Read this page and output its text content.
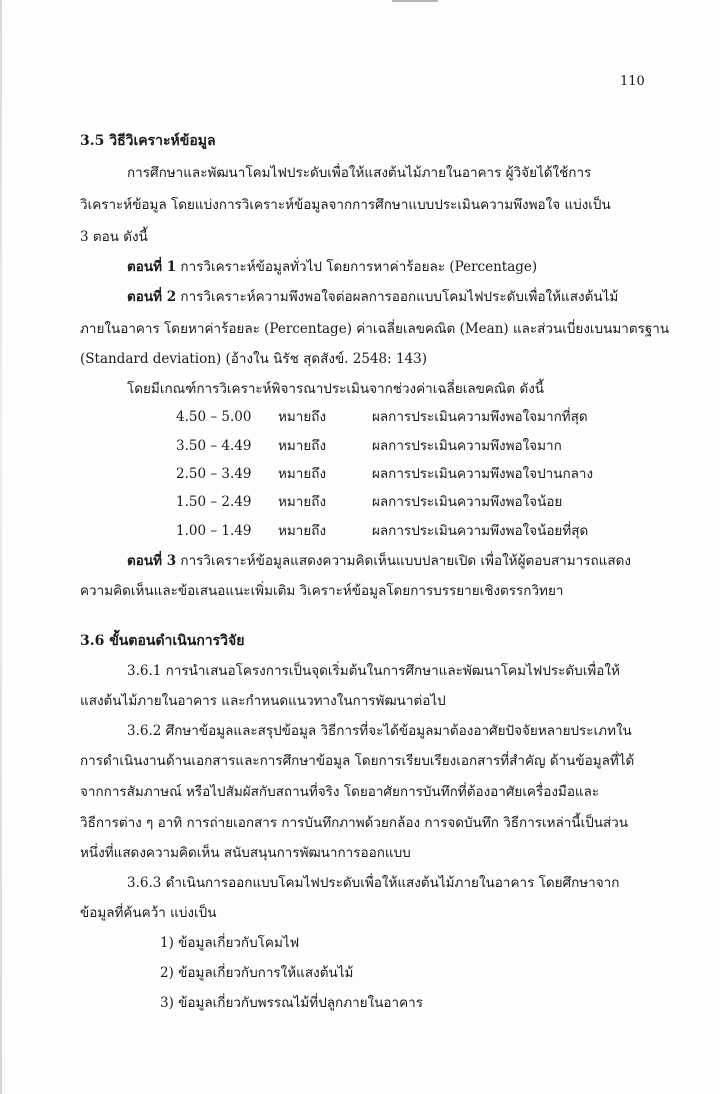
110
3.5 วิธีวิเคราะห์ข้อมูล
การศึกษาและพัฒนาโคมไฟประดับเพื่อให้แสงต้นไม้ภายในอาคาร ผู้วิจัยได้ใช้การ
วิเคราะห์ข้อมูล โดยแบ่งการวิเคราะห์ข้อมูลจากการศึกษาแบบประเมินความพึงพอใจ แบ่งเป็น
3 ตอน ดังนี้
ตอนที่ 1 การวิเคราะห์ข้อมูลทั่วไป โดยการหาค่าร้อยละ (Percentage)
ตอนที่ 2 การวิเคราะห์ความพึงพอใจต่อผลการออกแบบโคมไฟประดับเพื่อให้แสงต้นไม้
ภายในอาคาร โดยหาค่าร้อยละ (Percentage) ค่าเฉลี่ยเลขคณิต (Mean) และส่วนเบี่ยงเบนมาตรฐาน
(Standard deviation) (อ้างใน นิรัช สุดสังข์. 2548: 143)
โดยมีเกณฑ์การวิเคราะห์พิจารณาประเมินจากช่วงค่าเฉลี่ยเลขคณิต ดังนี้
4.50 – 5.00 หมายถึง	ผลการประเมินความพึงพอใจมากที่สุด
3.50 – 4.49 หมายถึง	ผลการประเมินความพึงพอใจมาก
2.50 – 3.49 หมายถึง	ผลการประเมินความพึงพอใจปานกลาง
1.50 – 2.49 หมายถึง	ผลการประเมินความพึงพอใจน้อย
1.00 – 1.49 หมายถึง	ผลการประเมินความพึงพอใจน้อยที่สุด
ตอนที่ 3 การวิเคราะห์ข้อมูลแสดงความคิดเห็นแบบปลายเปิด เพื่อให้ผู้ตอบสามารถแสดง
ความคิดเห็นและข้อเสนอแนะเพิ่มเติม วิเคราะห์ข้อมูลโดยการบรรยายเชิงตรรกวิทยา
3.6 ขั้นตอนดำเนินการวิจัย
3.6.1 การนำเสนอโครงการเป็นจุดเริ่มต้นในการศึกษาและพัฒนาโคมไฟประดับเพื่อให้
แสงต้นไม้ภายในอาคาร และกำหนดแนวทางในการพัฒนาต่อไป
3.6.2 ศึกษาข้อมูลและสรุปข้อมูล วิธีการที่จะได้ข้อมูลมาต้องอาศัยปัจจัยหลายประเภทใน
การดำเนินงานด้านเอกสารและการศึกษาข้อมูล โดยการเรียบเรียงเอกสารที่สำคัญ ด้านข้อมูลที่ได้
จากการสัมภาษณ์ หรือไปสัมผัสกับสถานที่จริง โดยอาศัยการบันทึกที่ต้องอาศัยเครื่องมือและ
วิธีการต่าง ๆ อาทิ การถ่ายเอกสาร การบันทึกภาพด้วยกล้อง การจดบันทึก วิธีการเหล่านี้เป็นส่วน
หนึ่งที่แสดงความคิดเห็น สนับสนุนการพัฒนาการออกแบบ
3.6.3 ดำเนินการออกแบบโคมไฟประดับเพื่อให้แสงต้นไม้ภายในอาคาร โดยศึกษาจาก
ข้อมูลที่ค้นคว้า แบ่งเป็น
1) ข้อมูลเกี่ยวกับโคมไฟ
2) ข้อมูลเกี่ยวกับการให้แสงต้นไม้
3) ข้อมูลเกี่ยวกับพรรณไม้ที่ปลูกภายในอาคาร
